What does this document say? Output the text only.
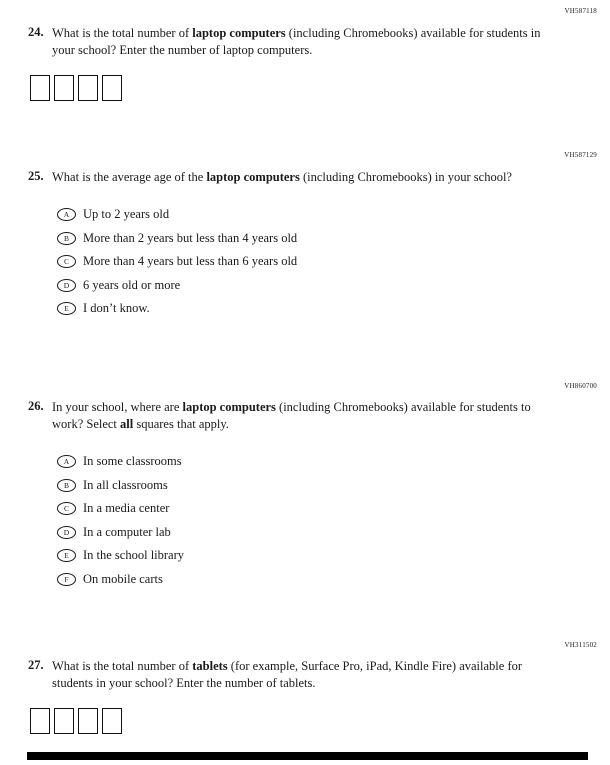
VH587118
VH587129
VH860700
VH311502
24. What is the total number of laptop computers (including Chromebooks) available for students in your school? Enter the number of laptop computers.
25. What is the average age of the laptop computers (including Chromebooks) in your school?
A	Up to 2 years old
B	More than 2 years but less than 4 years old
C	More than 4 years but less than 6 years old
D	6 years old or more
E	I don’t know.
26. In your school, where are laptop computers (including Chromebooks) available for students to work? Select all squares that apply.
A	In some classrooms
B	In all classrooms
C	In a media center
D	In a computer lab
E	In the school library
F	On mobile carts
27. What is the total number of tablets (for example, Surface Pro, iPad, Kindle Fire) available for students in your school? Enter the number of tablets.
